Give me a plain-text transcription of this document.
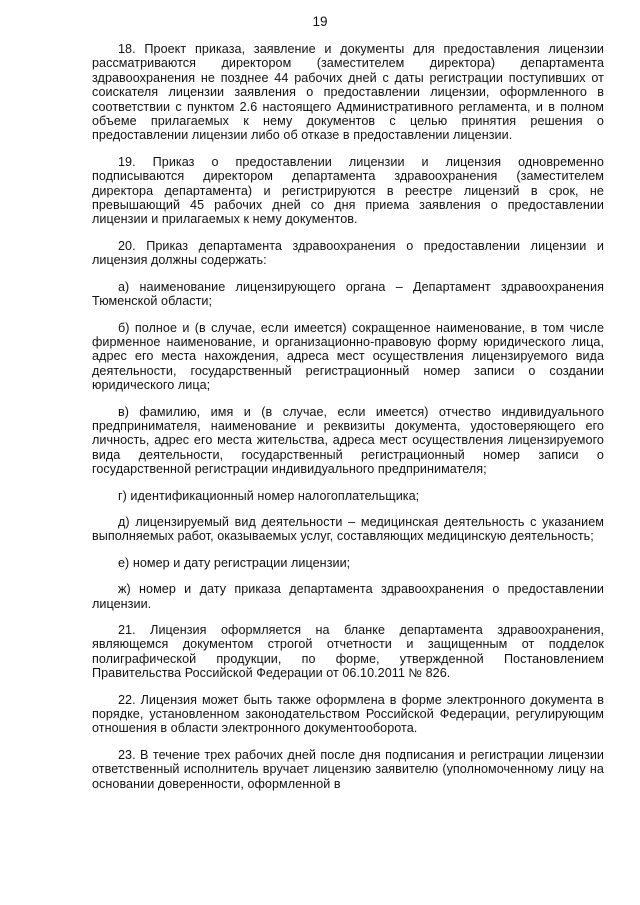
19

18. Проект приказа, заявление и документы для предоставления лицензии рассматриваются директором (заместителем директора) департамента здравоохранения не позднее 44 рабочих дней с даты регистрации поступивших от соискателя лицензии заявления о предоставлении лицензии, оформленного в соответствии с пунктом 2.6 настоящего Административного регламента, и в полном объеме прилагаемых к нему документов с целью принятия решения о предоставлении лицензии либо об отказе в предоставлении лицензии.

19. Приказ о предоставлении лицензии и лицензия одновременно подписываются директором департамента здравоохранения (заместителем директора департамента) и регистрируются в реестре лицензий в срок, не превышающий 45 рабочих дней со дня приема заявления о предоставлении лицензии и прилагаемых к нему документов.

20. Приказ департамента здравоохранения о предоставлении лицензии и лицензия должны содержать:

а) наименование лицензирующего органа – Департамент здравоохранения Тюменской области;

б) полное и (в случае, если имеется) сокращенное наименование, в том числе фирменное наименование, и организационно-правовую форму юридического лица, адрес его места нахождения, адреса мест осуществления лицензируемого вида деятельности, государственный регистрационный номер записи о создании юридического лица;

в) фамилию, имя и (в случае, если имеется) отчество индивидуального предпринимателя, наименование и реквизиты документа, удостоверяющего его личность, адрес его места жительства, адреса мест осуществления лицензируемого вида деятельности, государственный регистрационный номер записи о государственной регистрации индивидуального предпринимателя;

г) идентификационный номер налогоплательщика;

д) лицензируемый вид деятельности – медицинская деятельность с указанием выполняемых работ, оказываемых услуг, составляющих медицинскую деятельность;

е) номер и дату регистрации лицензии;

ж) номер и дату приказа департамента здравоохранения о предоставлении лицензии.

21. Лицензия оформляется на бланке департамента здравоохранения, являющемся документом строгой отчетности и защищенным от подделок полиграфической продукции, по форме, утвержденной Постановлением Правительства Российской Федерации от 06.10.2011 № 826.

22. Лицензия может быть также оформлена в форме электронного документа в порядке, установленном законодательством Российской Федерации, регулирующим отношения в области электронного документооборота.

23. В течение трех рабочих дней после дня подписания и регистрации лицензии ответственный исполнитель вручает лицензию заявителю (уполномоченному лицу на основании доверенности, оформленной в
